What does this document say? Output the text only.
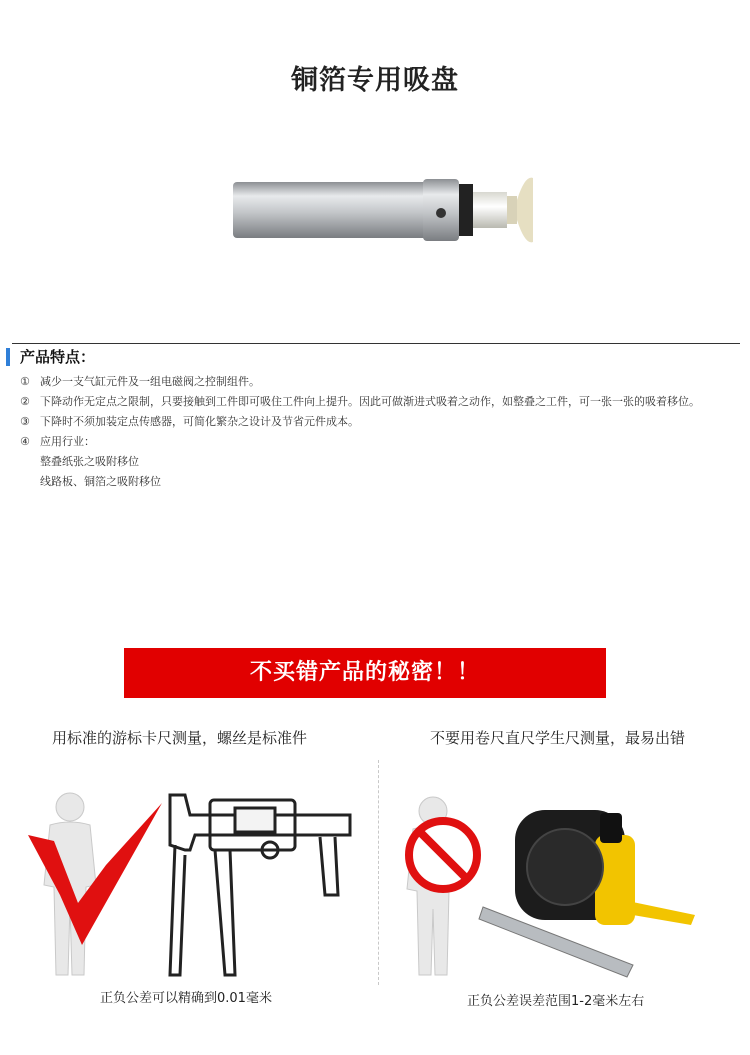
铜箔专用吸盘
产品特点：
① 减少一支气缸元件及一组电磁阀之控制组件。
② 下降动作无定点之限制，只要接触到工件即可吸住工件向上提升。因此可做渐进式吸着之动作，如整叠之工件，可一张一张的吸着移位。
③ 下降时不须加装定点传感器，可简化繁杂之设计及节省元件成本。
④ 应用行业：
整叠纸张之吸附移位
线路板、铜箔之吸附移位
不买错产品的秘密！！
用标准的游标卡尺测量，螺丝是标准件	不要用卷尺直尺学生尺测量，最易出错
正负公差可以精确到0.01毫米	正负公差误差范围1-2毫米左右
